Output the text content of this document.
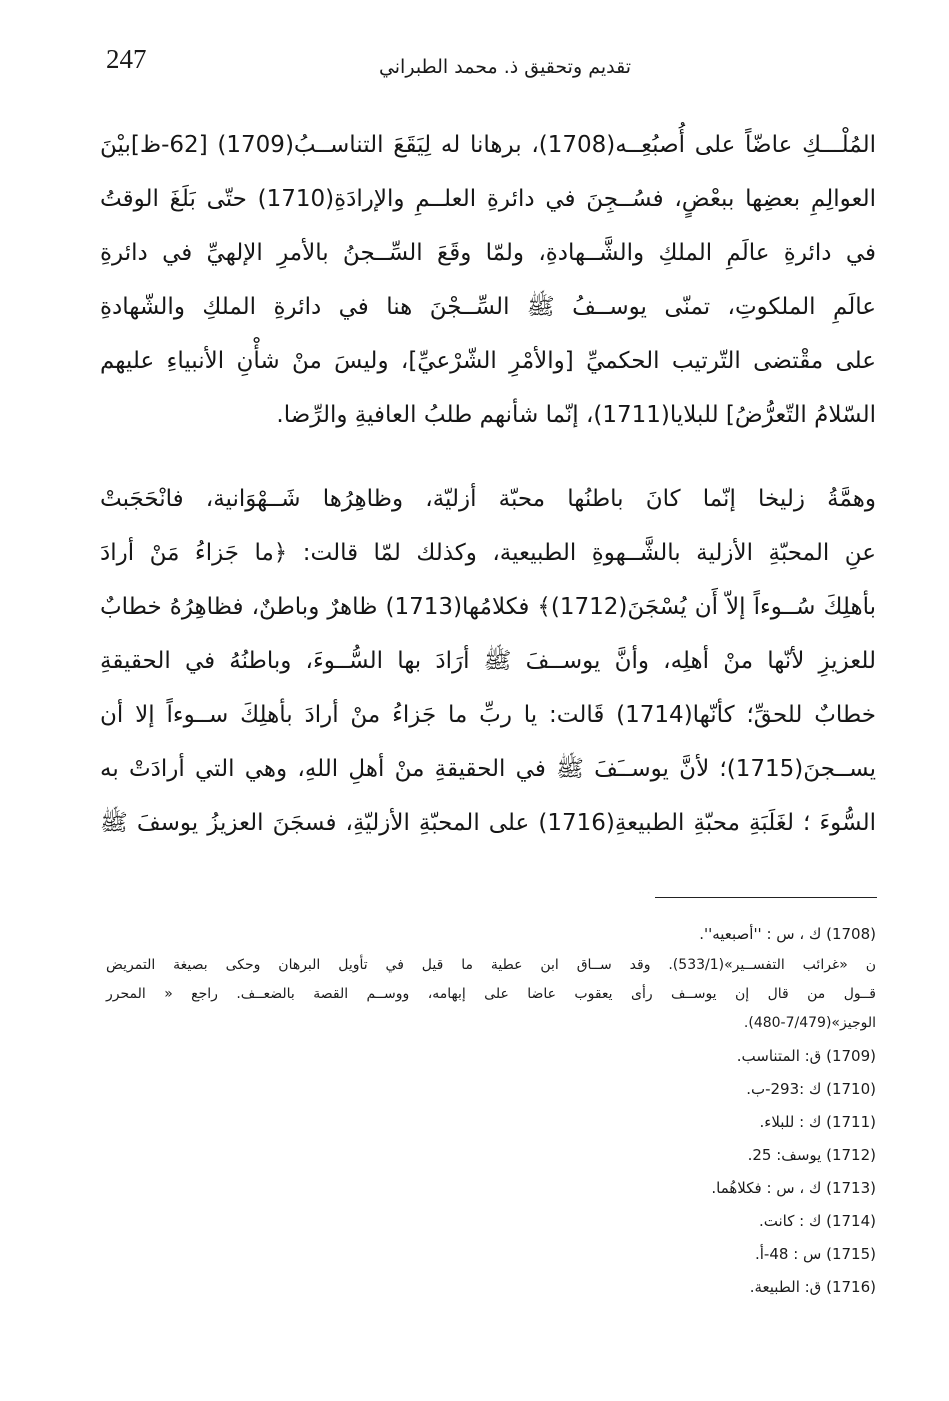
247	تقديم وتحقيق ذ. محمد الطبراني
المُلْـــكِ عاضّاً على أُصبُعِــه(1708)، برهانا له لِيَقَعَ التناســبُ(1709) [62-ظ]بيْنَ
العوالِمِ بعضِها ببعْضٍ، فسُــجِنَ في دائرةِ العلــمِ والإرادَةِ(1710) حتّى بَلَغَ الوقتُ
في دائرةِ عالَمِ الملكِ والشَّــهادةِ، ولمّا وقَعَ السِّــجنُ بالأمرِ الإلهيِّ في دائرةِ
عالَمِ الملكوتِ، تمنّى يوســفُ ﷺ السِّــجْنَ هنا في دائرةِ الملكِ والشّهادةِ
على مقْتضى التّرتيب الحكميِّ [والأمْرِ الشّرْعيِّ]، وليسَ منْ شأْنِ الأنبياءِ عليهم
السّلامُ التّعرُّضُ] للبلايا(1711)، إنّما شأنهم طلبُ العافيةِ والرِّضا.
وهمَّةُ زليخا إنّما كانَ باطنُها محبّة أزليّة، وظاهِرُها شَــهْوَانية، فانْحَجَبتْ
عنِ المحبّةِ الأزلية بالشَّــهوةِ الطبيعية، وكذلك لمّا قالت: ﴿ما جَزاءُ مَنْ أرادَ
بأهلِكَ سُــوءاً إلاّ أَن يُسْجَنَ(1712)﴾ فكلامُها(1713) ظاهرٌ وباطنٌ، فظاهِرُهُ خطابٌ
للعزيزِ لأنّها منْ أهلِه، وأنَّ يوســفَ ﷺ أرَادَ بها السُّــوءَ، وباطنُهُ في الحقيقةِ
خطابٌ للحقِّ؛ كأنّها(1714) قَالت: يا ربِّ ما جَزاءُ منْ أرادَ بأهلِكَ ســوءاً إلا أن
يســجنَ(1715)؛ لأنَّ يوســَفَ ﷺ في الحقيقةِ منْ أهلِ اللهِ، وهي التي أرادَتْ به
السُّوءَ ؛ لغَلَبَةِ محبّةِ الطبيعةِ(1716) على المحبّةِ الأزليّةِ، فسجَنَ العزيزُ يوسفَ ﷺ
(1708) ك ، س : ''أصبعيه''.
ن «غرائب التفســير»(533/1). وقد ســاق ابن عطية ما قيل في تأويل البرهان وحكى بصيغة التمريض
قــول من قال إن يوســف رأى يعقوب عاضا على إبهامه، ووســم القصة بالضعــف. راجع « المحرر
الوجيز»(7/479-480).
(1709) ق: المتناسب.
(1710) ك :293-ب.
(1711) ك : للبلاء.
(1712) يوسف: 25.
(1713) ك ، س : فكلاهُما.
(1714) ك : كانت.
(1715) س : 48-أ.
(1716) ق: الطبيعة.
